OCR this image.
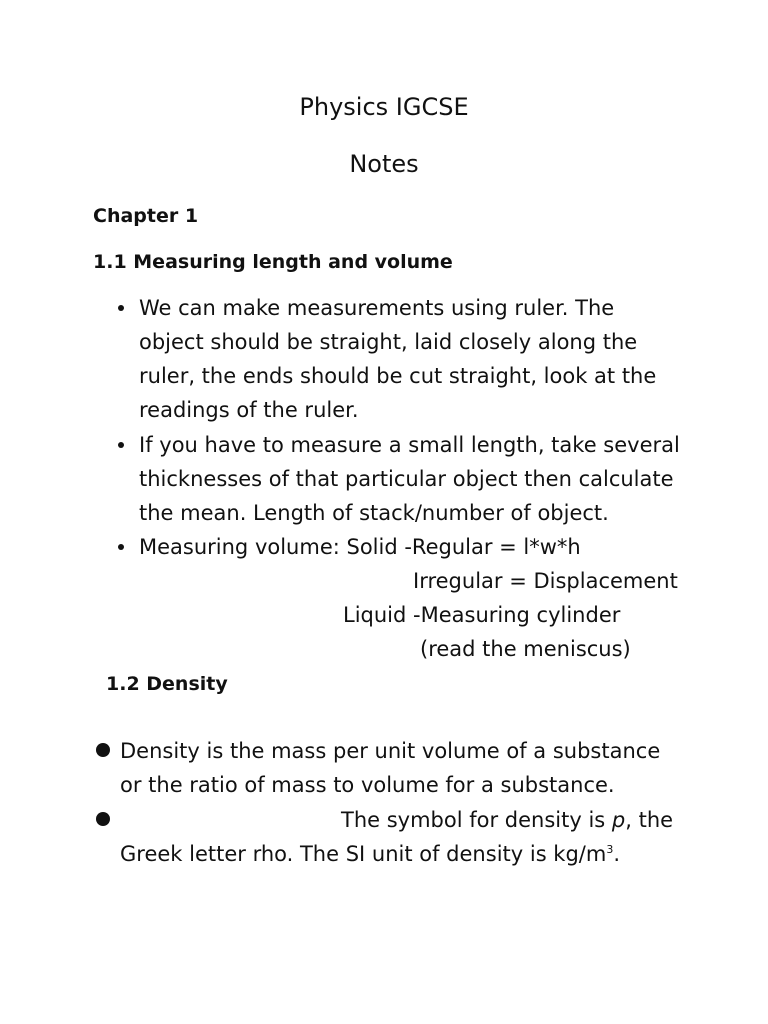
Physics IGCSE
Notes
Chapter 1
1.1 Measuring length and volume
We can make measurements using ruler. The
object should be straight, laid closely along the
ruler, the ends should be cut straight, look at the
readings of the ruler.
If you have to measure a small length, take several
thicknesses of that particular object then calculate
the mean. Length of stack/number of object.
Measuring volume: Solid -Regular = l*w*h
Irregular = Displacement
Liquid -Measuring cylinder
(read the meniscus)
1.2 Density
Density is the mass per unit volume of a substance
or the ratio of mass to volume for a substance.
The symbol for density is p, the
Greek letter rho. The SI unit of density is $kg/m^3$.
